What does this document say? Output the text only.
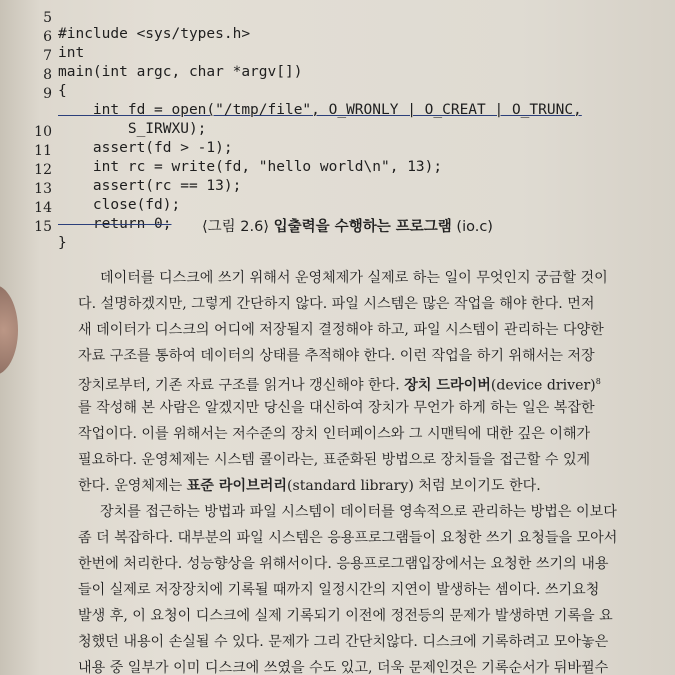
5

#include <sys/types.h>

6

int

7

main(int argc, char *argv[])

8

{

9

int fd = open("/tmp/file", O_WRONLY | O_CREAT | O_TRUNC,

S_IRWXU);

10

assert(fd > -1);

11

int rc = write(fd, "hello world\n", 13);

12

assert(rc == 13);

13

close(fd);

14

return 0;

15

}

⟨그림 2.6⟩ 입출력을 수행하는 프로그램 (io.c)
데이터를 디스크에 쓰기 위해서 운영체제가 실제로 하는 일이 무엇인지 궁금할 것이
다. 설명하겠지만, 그렇게 간단하지 않다. 파일 시스템은 많은 작업을 해야 한다. 먼저
새 데이터가 디스크의 어디에 저장될지 결정해야 하고, 파일 시스템이 관리하는 다양한
자료 구조를 통하여 데이터의 상태를 추적해야 한다. 이런 작업을 하기 위해서는 저장
장치로부터, 기존 자료 구조를 읽거나 갱신해야 한다. 장치 드라이버(device driver)$^8$
를 작성해 본 사람은 알겠지만 당신을 대신하여 장치가 무언가 하게 하는 일은 복잡한
작업이다. 이를 위해서는 저수준의 장치 인터페이스와 그 시맨틱에 대한 깊은 이해가
필요하다. 운영체제는 시스템 콜이라는, 표준화된 방법으로 장치들을 접근할 수 있게
한다. 운영체제는 표준 라이브러리(standard library) 처럼 보이기도 한다.
장치를 접근하는 방법과 파일 시스템이 데이터를 영속적으로 관리하는 방법은 이보다
좀 더 복잡하다. 대부분의 파일 시스템은 응용프로그램들이 요청한 쓰기 요청들을 모아서
한번에 처리한다. 성능향상을 위해서이다. 응용프로그램입장에서는 요청한 쓰기의 내용
들이 실제로 저장장치에 기록될 때까지 일정시간의 지연이 발생하는 셈이다. 쓰기요청
발생 후, 이 요청이 디스크에 실제 기록되기 이전에 정전등의 문제가 발생하면 기록을 요
청했던 내용이 손실될 수 있다. 문제가 그리 간단치않다. 디스크에 기록하려고 모아놓은
내용 중 일부가 이미 디스크에 쓰였을 수도 있고, 더욱 문제인것은 기록순서가 뒤바뀔수
